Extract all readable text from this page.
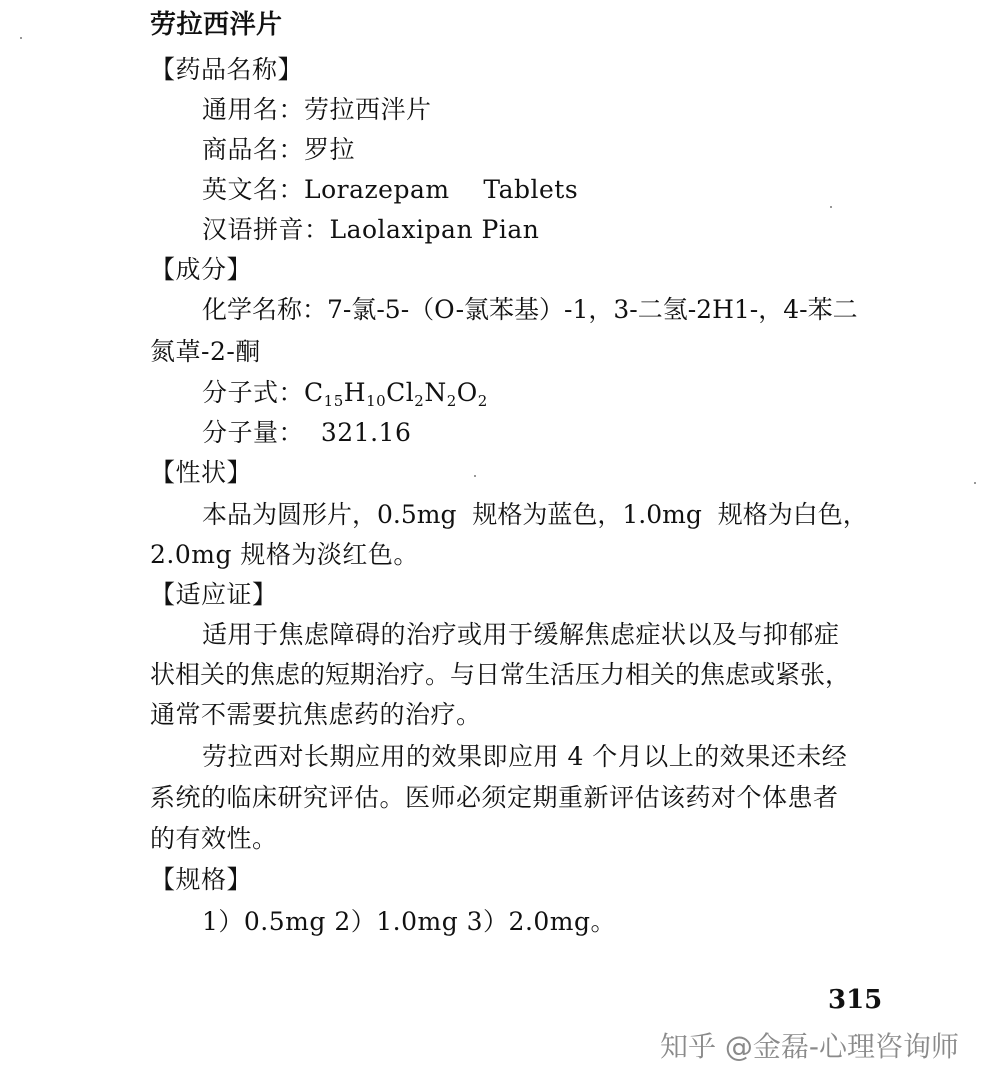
劳拉西泮片
【药品名称】
通用名：劳拉西泮片
商品名：罗拉
英文名：Lorazepam    Tablets
汉语拼音：Laolaxipan Pian
【成分】
化学名称：7-氯-5-（O-氯苯基）-1，3-二氢-2H1-，4-苯二
氮䓬-2-酮
分子式：$C_{15}H_{10}Cl_2N_2O_2$
分子量：  321.16
【性状】
本品为圆形片，0.5mg  规格为蓝色，1.0mg  规格为白色，
2.0mg 规格为淡红色。
【适应证】
适用于焦虑障碍的治疗或用于缓解焦虑症状以及与抑郁症
状相关的焦虑的短期治疗。与日常生活压力相关的焦虑或紧张，
通常不需要抗焦虑药的治疗。
劳拉西对长期应用的效果即应用 4 个月以上的效果还未经
系统的临床研究评估。医师必须定期重新评估该药对个体患者
的有效性。
【规格】
1）0.5mg 2）1.0mg 3）2.0mg。
315
知乎 @金磊-心理咨询师
